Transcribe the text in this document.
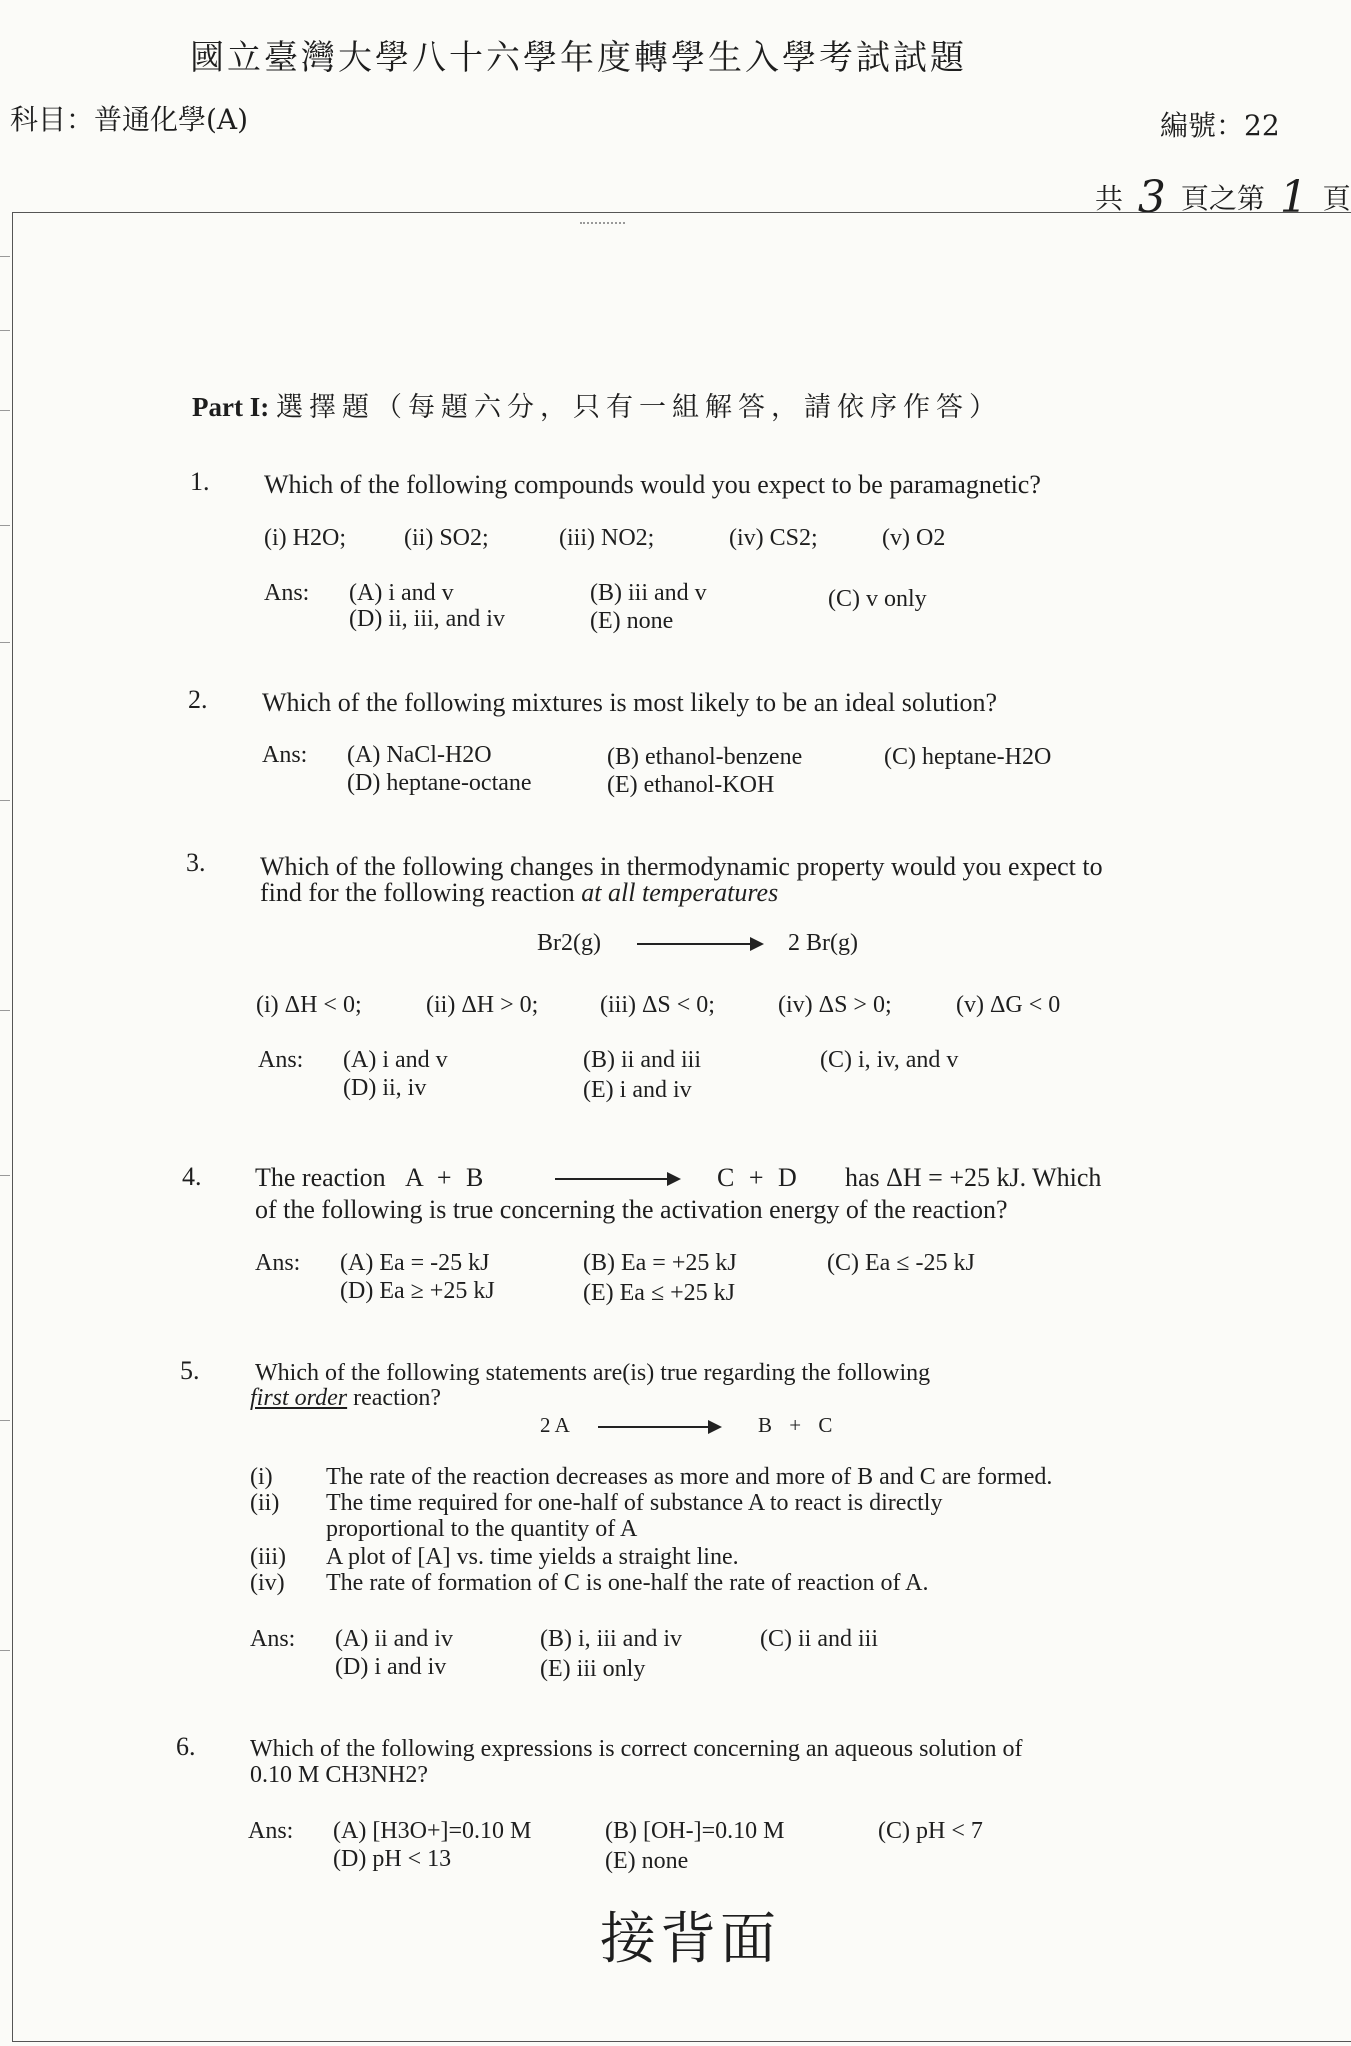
國立臺灣大學八十六學年度轉學生入學考試試題
科目：普通化學(A)	編號：22
共 3 頁之第 1 頁
Part I: 選擇題（每題六分，只有一組解答，請依序作答）
1. Which of the following compounds would you expect to be paramagnetic?
(i) H2O; (ii) SO2;	(iii) NO2;	(iv) CS2;	(v) O2
Ans: (A) i and v	(B) iii and v	(C) v only
(D) ii, iii, and iv	(E) none
2. Which of the following mixtures is most likely to be an ideal solution?
Ans: (A) NaCl-H2O	(B) ethanol-benzene	(C) heptane-H2O
(D) heptane-octane	(E) ethanol-KOH
3. Which of the following changes in thermodynamic property would you expect to
find for the following reaction at all temperatures
Br2(g)	2 Br(g)
(i) ΔH < 0;	(ii) ΔH > 0;	(iii) ΔS < 0;	(iv) ΔS > 0;	(v) ΔG < 0
Ans: (A) i and v	(B) ii and iii	(C) i, iv, and v
(D) ii, iv	(E) i and iv
4. The reaction A + B	C + D has ΔH = +25 kJ. Which
of the following is true concerning the activation energy of the reaction?
Ans: (A) Ea = -25 kJ	(B) Ea = +25 kJ	(C) Ea ≤ -25 kJ
(D) Ea ≥ +25 kJ	(E) Ea ≤ +25 kJ
5. Which of the following statements are(is) true regarding the following
first order reaction?
2 A	B + C
(i) The rate of the reaction decreases as more and more of B and C are formed.
(ii) The time required for one-half of substance A to react is directly
proportional to the quantity of A
(iii) A plot of [A] vs. time yields a straight line.
(iv) The rate of formation of C is one-half the rate of reaction of A.
Ans: (A) ii and iv	(B) i, iii and iv	(C) ii and iii
(D) i and iv	(E) iii only
6. Which of the following expressions is correct concerning an aqueous solution of
0.10 M CH3NH2?
Ans: (A) [H3O+]=0.10 M	(B) [OH-]=0.10 M	(C) pH < 7
(D) pH < 13	(E) none
接背面
